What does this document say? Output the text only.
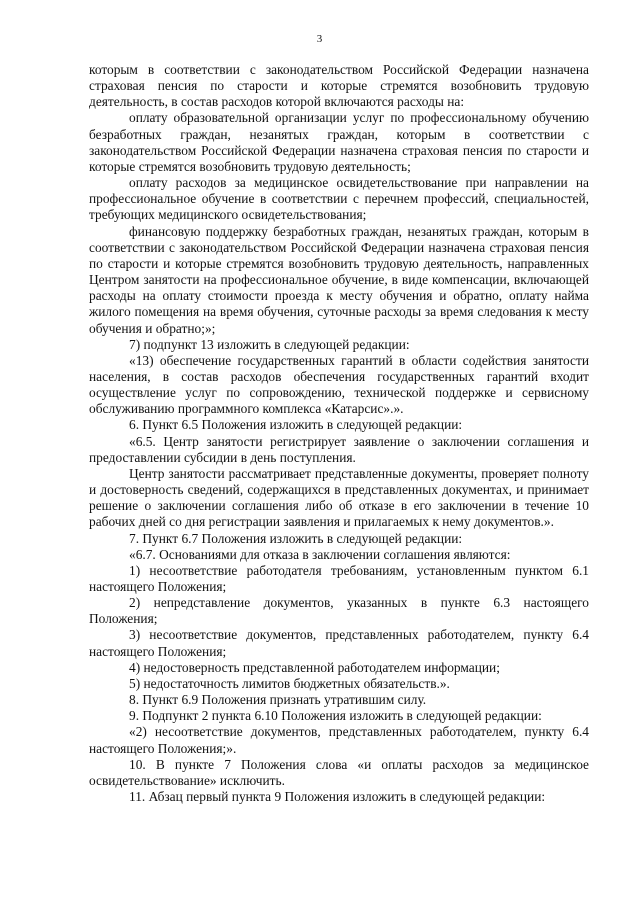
3

которым в соответствии с законодательством Российской Федерации назначена страховая пенсия по старости и которые стремятся возобновить трудовую деятельность, в состав расходов которой включаются расходы на:

оплату образовательной организации услуг по профессиональному обучению безработных граждан, незанятых граждан, которым в соответствии с законодательством Российской Федерации назначена страховая пенсия по старости и которые стремятся возобновить трудовую деятельность;

оплату расходов за медицинское освидетельствование при направлении на профессиональное обучение в соответствии с перечнем профессий, специальностей, требующих медицинского освидетельствования;

финансовую поддержку безработных граждан, незанятых граждан, которым в соответствии с законодательством Российской Федерации назначена страховая пенсия по старости и которые стремятся возобновить трудовую деятельность, направленных Центром занятости на профессиональное обучение, в виде компенсации, включающей расходы на оплату стоимости проезда к месту обучения и обратно, оплату найма жилого помещения на время обучения, суточные расходы за время следования к месту обучения и обратно;»;

7) подпункт 13 изложить в следующей редакции:

«13) обеспечение государственных гарантий в области содействия занятости населения, в состав расходов обеспечения государственных гарантий входит осуществление услуг по сопровождению, технической поддержке и сервисному обслуживанию программного комплекса «Катарсис».».

6. Пункт 6.5 Положения изложить в следующей редакции:

«6.5. Центр занятости регистрирует заявление о заключении соглашения и предоставлении субсидии в день поступления.

Центр занятости рассматривает представленные документы, проверяет полноту и достоверность сведений, содержащихся в представленных документах, и принимает решение о заключении соглашения либо об отказе в его заключении в течение 10 рабочих дней со дня регистрации заявления и прилагаемых к нему документов.».

7. Пункт 6.7 Положения изложить в следующей редакции:

«6.7. Основаниями для отказа в заключении соглашения являются:

1) несоответствие работодателя требованиям, установленным пунктом 6.1 настоящего Положения;

2) непредставление документов, указанных в пункте 6.3 настоящего Положения;

3) несоответствие документов, представленных работодателем, пункту 6.4 настоящего Положения;

4) недостоверность представленной работодателем информации;

5) недостаточность лимитов бюджетных обязательств.».

8. Пункт 6.9 Положения признать утратившим силу.

9. Подпункт 2 пункта 6.10 Положения изложить в следующей редакции:

«2) несоответствие документов, представленных работодателем, пункту 6.4 настоящего Положения;».

10. В пункте 7 Положения слова «и оплаты расходов за медицинское освидетельствование» исключить.

11. Абзац первый пункта 9 Положения изложить в следующей редакции:
